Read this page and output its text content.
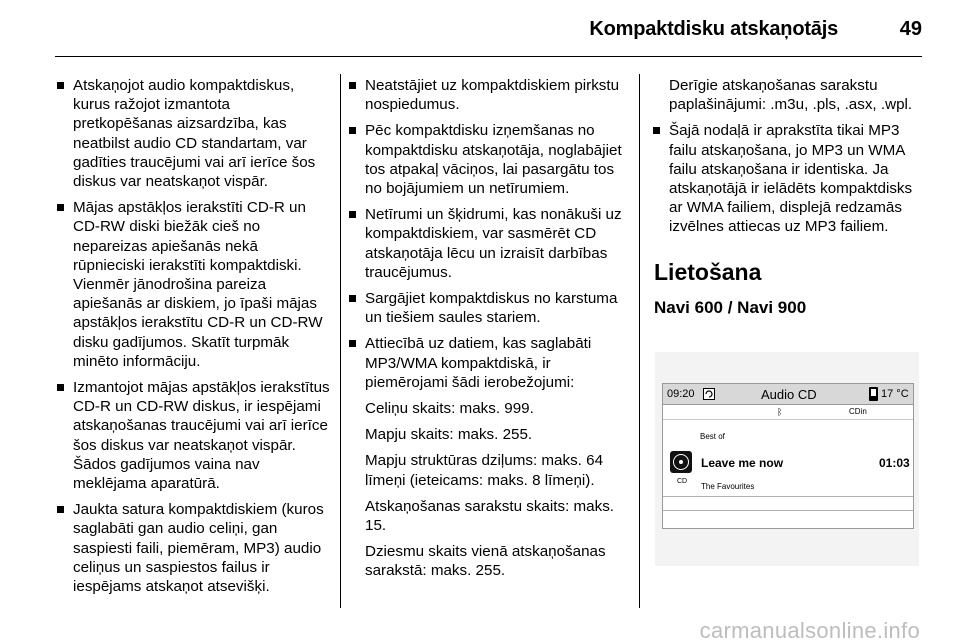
Kompaktdisku atskaņotājs	49
Atskaņojot audio kompaktdiskus, kurus ražojot izmantota pretkopēšanas aizsardzība, kas neatbilst audio CD standartam, var gadīties traucējumi vai arī ierīce šos diskus var neatskaņot vispār.
Mājas apstākļos ierakstīti CD-R un CD-RW diski biežāk cieš no nepareizas apiešanās nekā rūpnieciski ierakstīti kompaktdiski. Vienmēr jānodrošina pareiza apiešanās ar diskiem, jo īpaši mājas apstākļos ierakstītu CD-R un CD-RW disku gadījumos. Skatīt turpmāk minēto informāciju.
Izmantojot mājas apstākļos ierakstītus CD-R un CD-RW diskus, ir iespējami atskaņošanas traucējumi vai arī ierīce šos diskus var neatskaņot vispār. Šādos gadījumos vaina nav meklējama aparatūrā.
Jaukta satura kompaktdiskiem (kuros saglabāti gan audio celiņi, gan saspiesti faili, piemēram, MP3) audio celiņus un saspiestos failus ir iespējams atskaņot atsevišķi.
Neatstājiet uz kompaktdiskiem pirkstu nospiedumus.
Pēc kompaktdisku izņemšanas no kompaktdisku atskaņotāja, noglabājiet tos atpakaļ vāciņos, lai pasargātu tos no bojājumiem un netīrumiem.
Netīrumi un šķidrumi, kas nonākuši uz kompaktdiskiem, var sasmērēt CD atskaņotāja lēcu un izraisīt darbības traucējumus.
Sargājiet kompaktdiskus no karstuma un tiešiem saules stariem.
Attiecībā uz datiem, kas saglabāti MP3/WMA kompaktdiskā, ir piemērojami šādi ierobežojumi:
Celiņu skaits: maks. 999.
Mapju skaits: maks. 255.
Mapju struktūras dziļums: maks. 64 līmeņi (ieteicams: maks. 8 līmeņi).
Atskaņošanas sarakstu skaits: maks. 15.
Dziesmu skaits vienā atskaņošanas sarakstā: maks. 255.
Derīgie atskaņošanas sarakstu paplašinājumi: .m3u, .pls, .asx, .wpl.
Šajā nodaļā ir aprakstīta tikai MP3 failu atskaņošana, jo MP3 un WMA failu atskaņošana ir identiska. Ja atskaņotājā ir ielādēts kompaktdisks ar WMA failiem, displejā redzamās izvēlnes attiecas uz MP3 failiem.
Lietošana
Navi 600 / Navi 900
09:20	Audio CD	17 °C
ᛒ	CDin
Best of
CD
Leave me now	01:03
The Favourites
carmanualsonline.info
